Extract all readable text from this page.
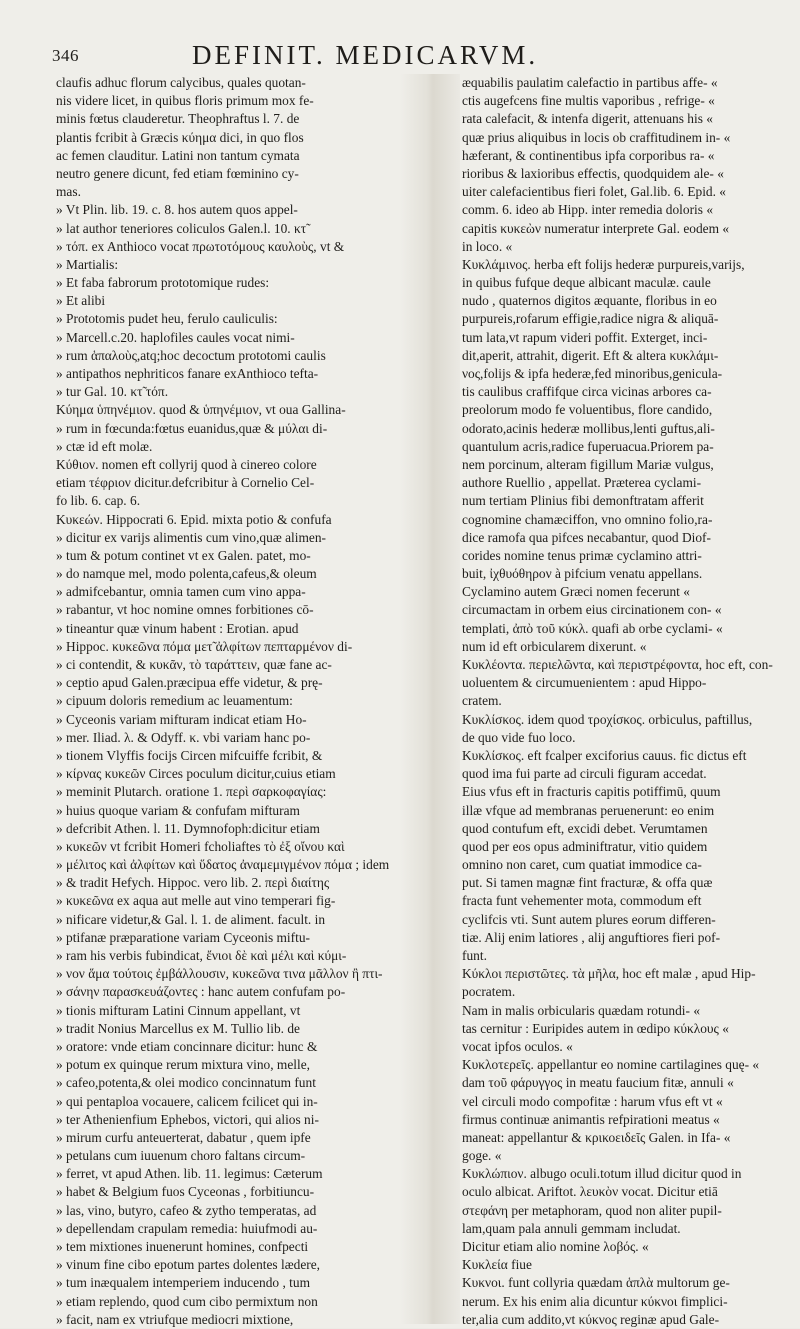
346	DEFINIT. MEDICARVM.
claufis adhuc florum calycibus, quales quotan-
nis videre licet, in quibus floris primum mox fe-
minis fœtus clauderetur. Theophraftus l. 7. de
plantis fcribit à Græcis κύημα dici, in quo flos
ac femen clauditur. Latini non tantum cymata
neutro genere dicunt, fed etiam fœminino cy-
mas.
» Vt Plin. lib. 19. c. 8. hos autem quos appel-
» lat author teneriores coliculos Galen.l. 10. κτ̃
» τόπ. ex Anthioco vocat πρωτοτόμους καυλοὺς, vt &
» Martialis:
» Et faba fabrorum prototomique rudes:
» Et alibi
» Prototomis pudet heu, ferulo cauliculis:
» Marcell.c.20. haplofiles caules vocat nimi-
» rum ἁπαλοὺς,atq;hoc decoctum prototomi caulis
» antipathos nephriticos fanare exAnthioco tefta-
» tur Gal. 10. κτ̃ τόπ.
Κύημα ὑπηνέμιον. quod & ὑπηνέμιον, vt oua Gallina-
» rum in fœcunda:fœtus euanidus,quæ & μύλαι di-
» ctæ id eft molæ.
Κύθιον. nomen eft collyrij quod à cinereo colore
etiam τέφριον dicitur.defcribitur à Cornelio Cel-
fo lib. 6. cap. 6.
Κυκεών. Hippocrati 6. Epid. mixta potio & confufa
» dicitur ex varijs alimentis cum vino,quæ alimen-
» tum & potum continet vt ex Galen. patet, mo-
» do namque mel, modo polenta,cafeus,& oleum
» admifcebantur, omnia tamen cum vino appa-
» rabantur, vt hoc nomine omnes forbitiones cō-
» tineantur quæ vinum habent : Erotian. apud
» Hippoc. κυκεῶνα πόμα μετ̃ ἀλφίτων πεπταρμένον di-
» ci contendit, & κυκᾶν, τὸ ταράττειν, quæ fane ac-
» ceptio apud Galen.præcipua effe videtur, & prę-
» cipuum doloris remedium ac leuamentum:
» Cyceonis variam mifturam indicat etiam Ho-
» mer. Iliad. λ. & Odyff. κ. vbi variam hanc po-
» tionem Vlyffis focijs Circen mifcuiffe fcribit, &
» κίρνας κυκεῶν Circes poculum dicitur,cuius etiam
» meminit Plutarch. oratione 1. περὶ σαρκοφαγίας:
» huius quoque variam & confufam mifturam
» defcribit Athen. l. 11. Dymnofoph:dicitur etiam
» κυκεῶν vt fcribit Homeri fcholiaftes τὸ ἐξ οἴνου καὶ
» μέλιτος καὶ ἀλφίτων καὶ ὕδατος ἀναμεμιγμένον πόμα ; idem
» & tradit Hefych. Hippoc. vero lib. 2. περὶ διαίτης
» κυκεῶνα ex aqua aut melle aut vino temperari fig-
» nificare videtur,& Gal. l. 1. de aliment. facult. in
» ptifanæ præparatione variam Cyceonis miftu-
» ram his verbis fubindicat, ἔνιοι δὲ καὶ μέλι καὶ κύμι-
» νον ἅμα τούτοις ἐμβάλλουσιν, κυκεῶνα τινα μᾶλλον ἢ πτι-
» σάνην παρασκευάζοντες : hanc autem confufam po-
» tionis mifturam Latini Cinnum appellant, vt
» tradit Nonius Marcellus ex M. Tullio lib. de
» oratore: vnde etiam concinnare dicitur: hunc &
» potum ex quinque rerum mixtura vino, melle,
» cafeo,potenta,& olei modico concinnatum funt
» qui pentaploa vocauere, calicem fcilicet qui in-
» ter Athenienfium Ephebos, victori, qui alios ni-
» mirum curfu anteuerterat, dabatur , quem ipfe
» petulans cum iuuenum choro faltans circum-
» ferret, vt apud Athen. lib. 11. legimus: Cæterum
» habet & Belgium fuos Cyceonas , forbitiuncu-
» las, vino, butyro, cafeo & zytho temperatas, ad
» depellendam crapulam remedia: huiufmodi au-
» tem mixtiones inuenerunt homines, confpecti
» vinum fine cibo epotum partes dolentes lædere,
» tum inæqualem intemperiem inducendo , tum
» etiam replendo, quod cum cibo permixtum non
» facit, nam ex vtriufque mediocri mixtione,
æquabilis paulatim calefactio in partibus affe- «
ctis augefcens fine multis vaporibus , refrige- «
rata calefacit, & intenfa digerit, attenuans his «
quæ prius aliquibus in locis ob craffitudinem in- «
hæferant, & continentibus ipfa corporibus ra- «
rioribus & laxioribus effectis, quodquidem ale- «
uiter calefacientibus fieri folet, Gal.lib. 6. Epid. «
comm. 6. ideo ab Hipp. inter remedia doloris «
capitis κυκεὼν numeratur interprete Gal. eodem «
in loco. «
Κυκλάμινος. herba eft folijs hederæ purpureis,varijs,
in quibus fufque deque albicant maculæ. caule
nudo , quaternos digitos æquante, floribus in eo
purpureis,rofarum effigie,radice nigra & aliquā-
tum lata,vt rapum videri poffit. Exterget, inci-
dit,aperit, attrahit, digerit. Eft & altera κυκλάμι-
νος,folijs & ipfa hederæ,fed minoribus,genicula-
tis caulibus craffifque circa vicinas arbores ca-
preolorum modo fe voluentibus, flore candido,
odorato,acinis hederæ mollibus,lenti guftus,ali-
quantulum acris,radice fuperuacua.Priorem pa-
nem porcinum, alteram figillum Mariæ vulgus,
authore Ruellio , appellat. Præterea cyclami-
num tertiam Plinius fibi demonftratam afferit
cognomine chamæciffon, vno omnino folio,ra-
dice ramofa qua pifces necabantur, quod Diof-
corides nomine tenus primæ cyclamino attri-
buit, ἰχθυόθηρον à pifcium venatu appellans.
Cyclamino autem Græci nomen fecerunt «
circumactam in orbem eius circinationem con- «
templati, ἀπὸ τοῦ κύκλ. quafi ab orbe cyclami- «
num id eft orbicularem dixerunt. «
Κυκλέοντα. περιελῶντα, καὶ περιστρέφοντα, hoc eft, con-
uoluentem & circumuenientem : apud Hippo-
cratem.
Κυκλίσκος. idem quod τροχίσκος. orbiculus, paftillus,
de quo vide fuo loco.
Κυκλίσκος. eft fcalper exciforius cauus. fic dictus eft
quod ima fui parte ad circuli figuram accedat.
Eius vfus eft in fracturis capitis potiffimū, quum
illæ vfque ad membranas peruenerunt: eo enim
quod contufum eft, excidi debet. Verumtamen
quod per eos opus adminiftratur, vitio quidem
omnino non caret, cum quatiat immodice ca-
put. Si tamen magnæ fint fracturæ, & offa quæ
fracta funt vehementer mota, commodum eft
cyclifcis vti. Sunt autem plures eorum differen-
tiæ. Alij enim latiores , alij anguftiores fieri pof-
funt.
Κύκλοι περιστῶτες. τὰ μῆλα, hoc eft malæ , apud Hip-
pocratem.
Nam in malis orbicularis quædam rotundi- «
tas cernitur : Euripides autem in œdipo κύκλους «
vocat ipfos oculos. «
Κυκλοτερεῖς. appellantur eo nomine cartilagines quę- «
dam τοῦ φάρυγγος in meatu faucium fitæ, annuli «
vel circuli modo compofitæ : harum vfus eft vt «
firmus continuæ animantis refpirationi meatus «
maneat: appellantur & κρικοειδεῖς Galen. in Ifa- «
goge. «
Κυκλώπιον. albugo oculi.totum illud dicitur quod in
oculo albicat. Ariftot. λευκὸν vocat. Dicitur etiā
στεφάνη per metaphoram, quod non aliter pupil-
lam,quam pala annuli gemmam includat.
Dicitur etiam alio nomine λοβός. «
Κυκλεία fiue
Κυκνοι. funt collyria quædam ἁπλὰ multorum ge-
nerum. Ex his enim alia dicuntur κύκνοι fimplici-
ter,alia cum addito,vt κύκνος reginæ apud Gale-
